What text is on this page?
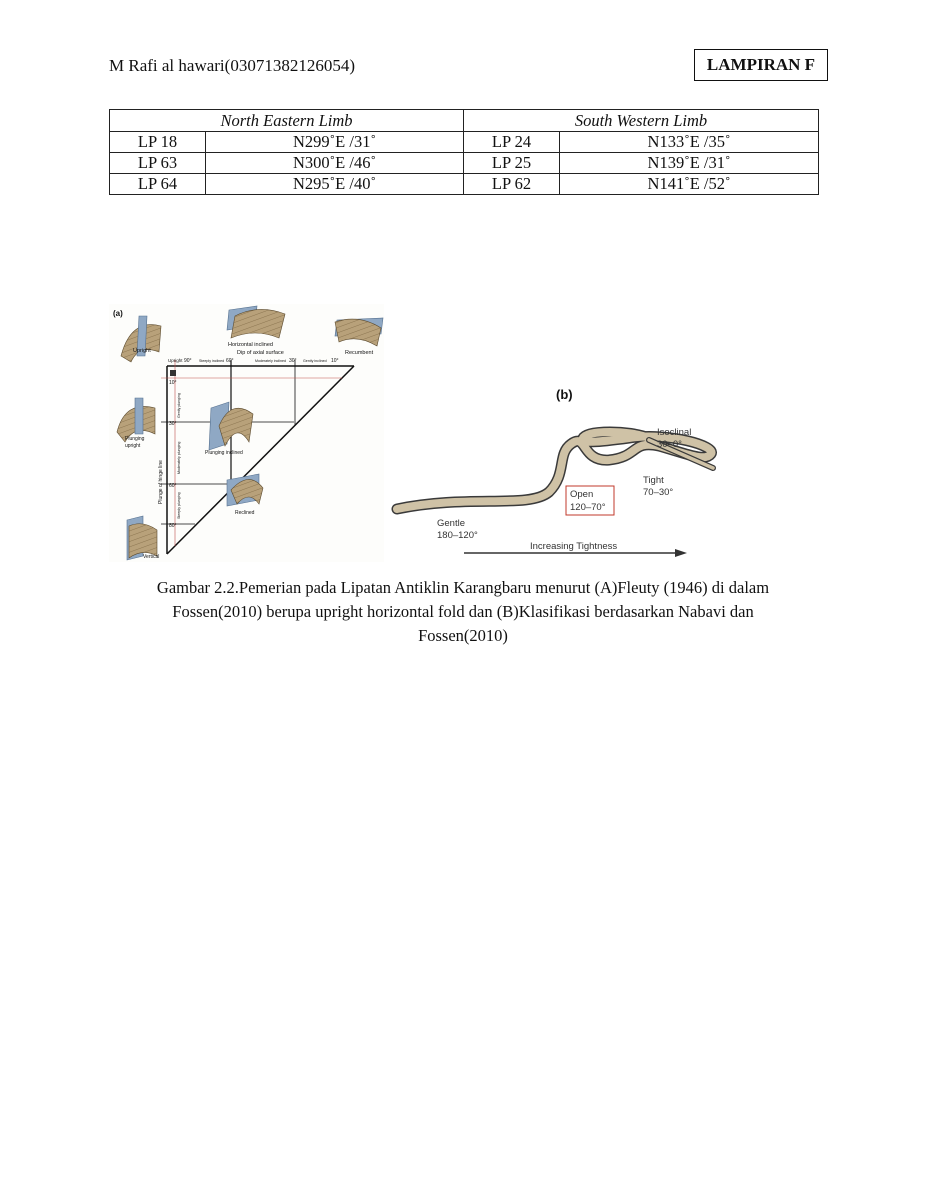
M Rafi al hawari(03071382126054)	LAMPIRAN F
North Eastern Limb		South Western Limb	
LP 18	N299˚E /31˚	LP 24	N133˚E /35˚
LP 63	N300˚E /46˚	LP 25	N139˚E /31˚
LP 64	N295˚E /40˚	LP 62	N141˚E /52˚
(a)
Dip of axial surface
Upright 90°	60°	30°	10°
Steeply inclined	Moderately inclined	Gently inclined
10°
30°
60°
80°
Plunge of hinge line
Gently plunging
Moderately plunging
Steeply plunging
Horizontal inclined
Upright	Recumbent
Plunging
upright
Plunging inclined
Reclined
Vertical
(b)
Isoclinal
30–0°
Tight
70–30°
Open
120–70°
Gentle
180–120°
Increasing Tightness
Gambar 2.2.Pemerian pada Lipatan Antiklin Karangbaru menurut (A)Fleuty (1946) di dalam
Fossen(2010) berupa upright horizontal fold dan (B)Klasifikasi berdasarkan Nabavi dan
Fossen(2010)
